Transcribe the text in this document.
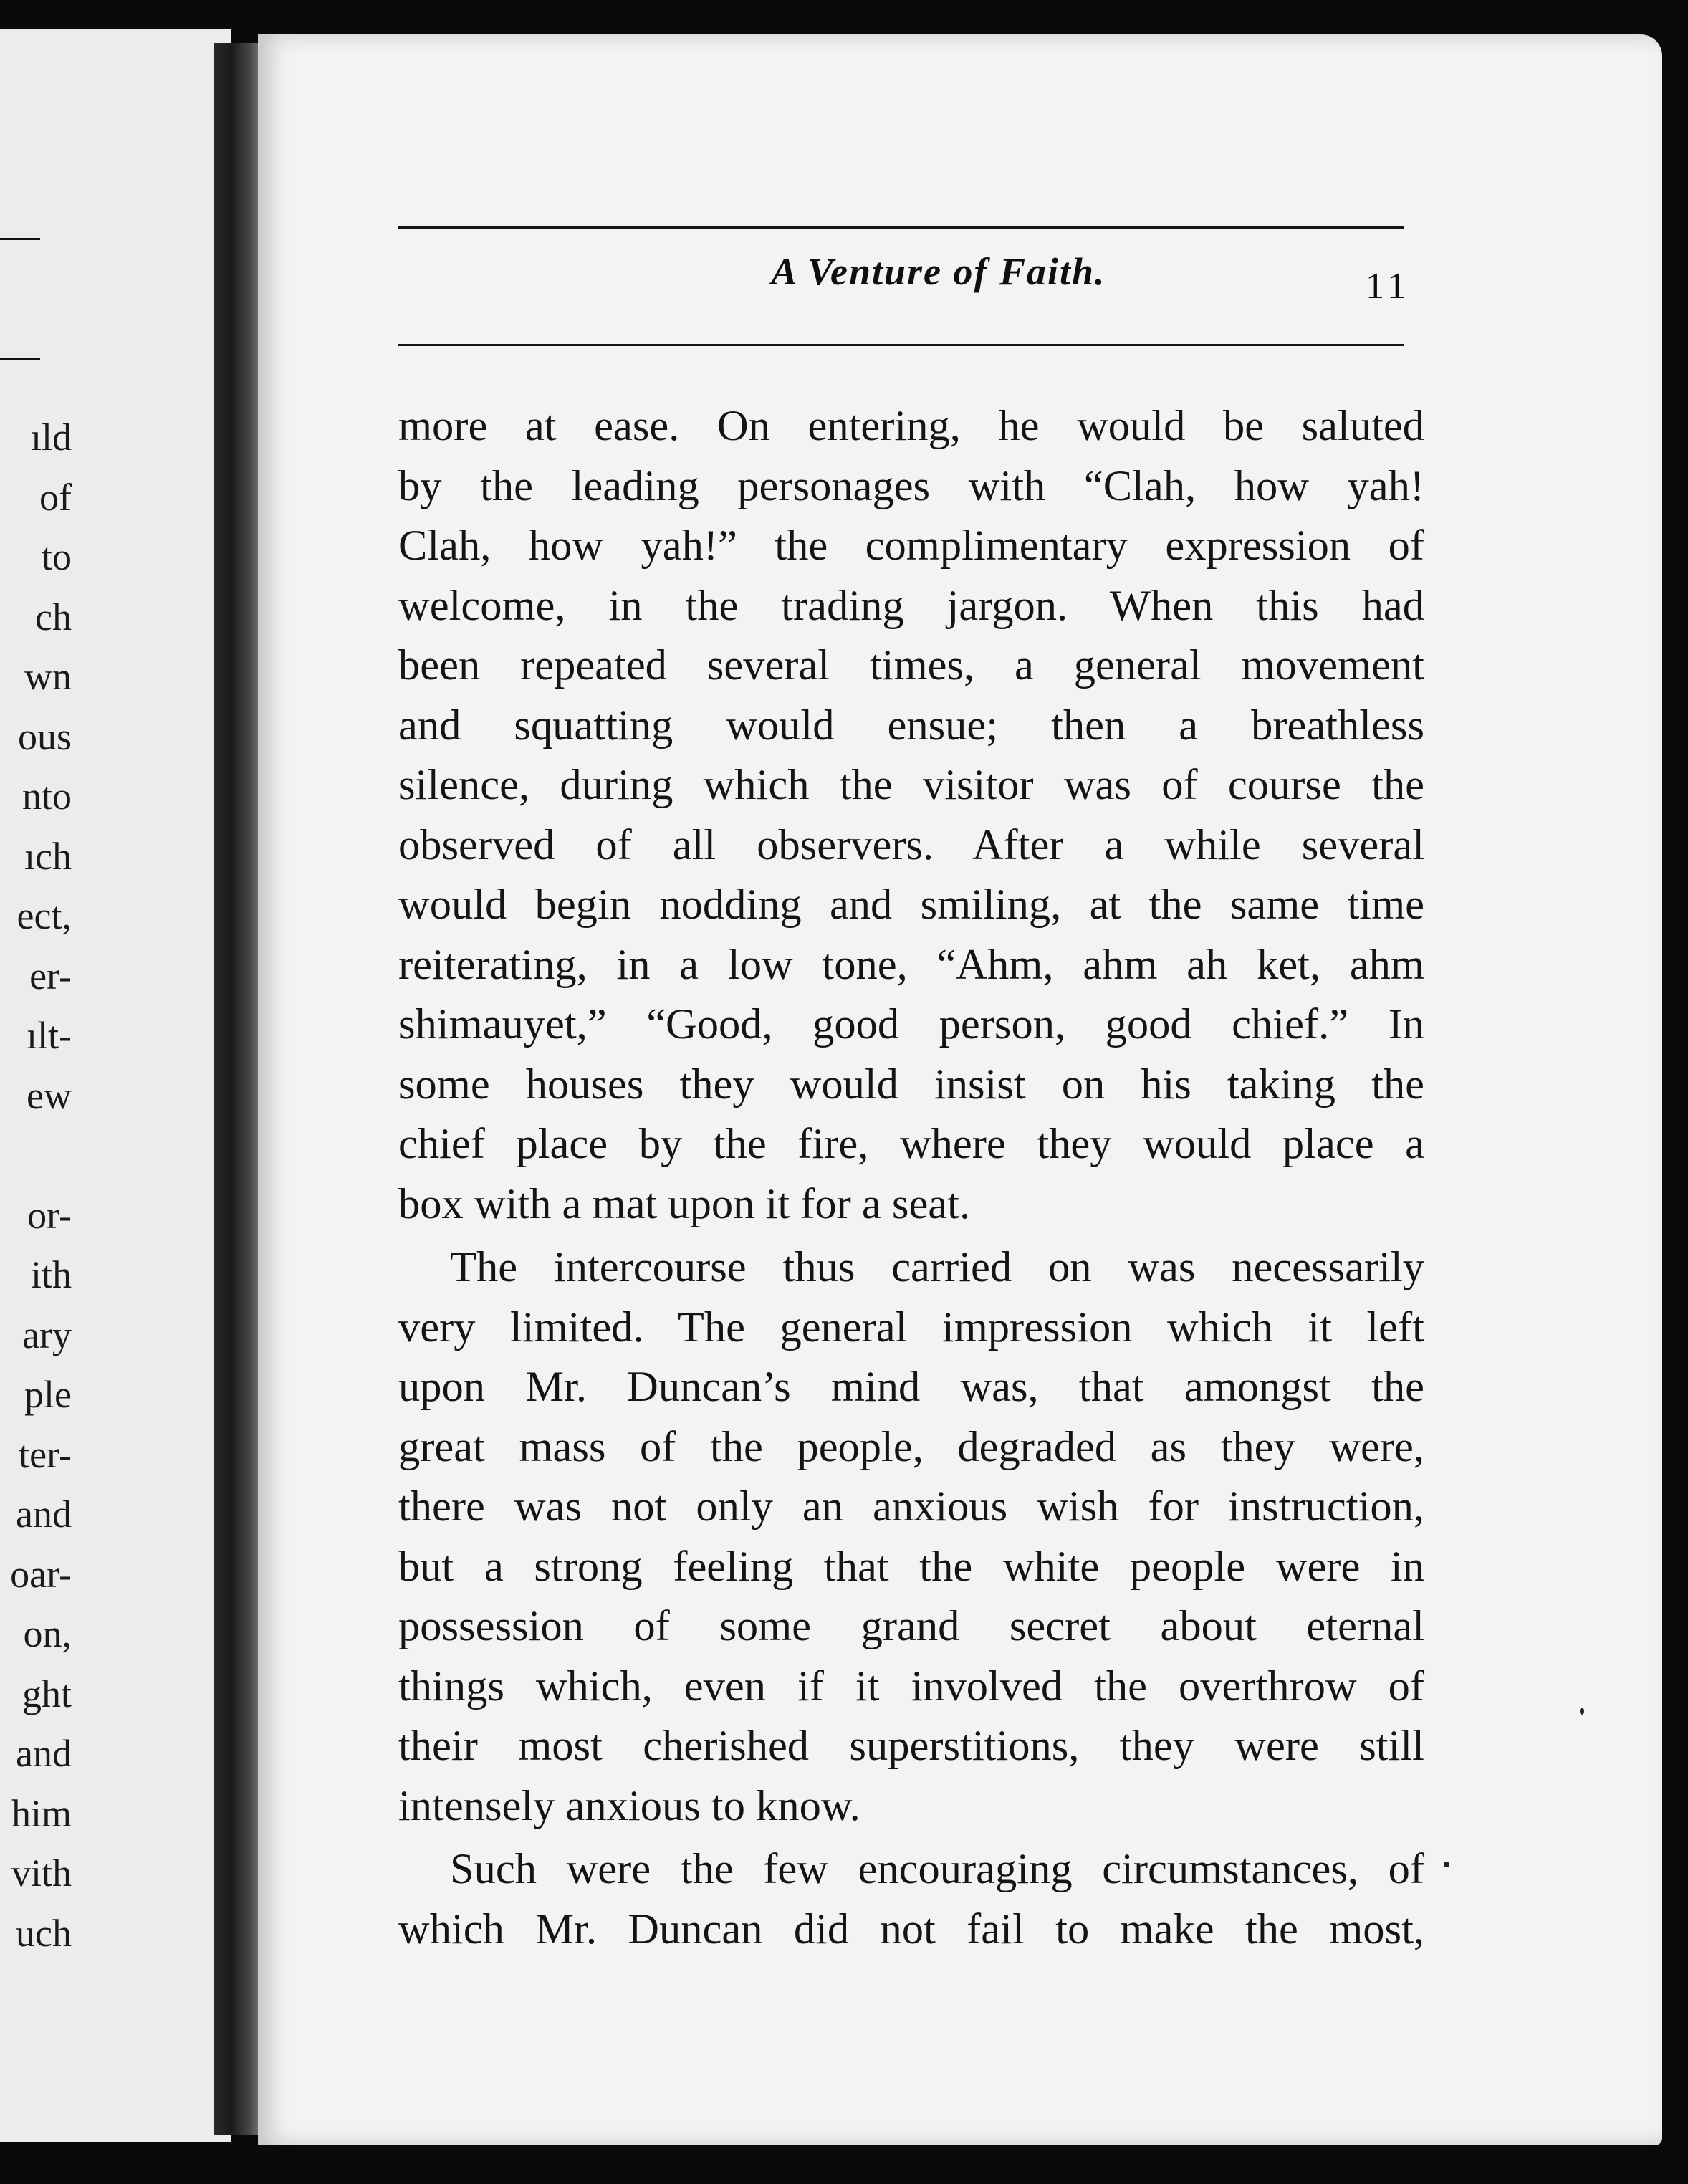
ıld
of
to
ch
wn
ous
nto
ıch
ect,
er-
ılt-
ew
or-
ith
ary
ple
ter-
and
oar-
on,
ght
and
him
vith
uch
A Venture of Faith.	11

more at ease. On entering, he would be saluted

by the leading personages with “Clah, how yah!

Clah, how yah!” the complimentary expression of

welcome, in the trading jargon. When this had

been repeated several times, a general movement

and squatting would ensue; then a breathless

silence, during which the visitor was of course the

observed of all observers. After a while several

would begin nodding and smiling, at the same time

reiterating, in a low tone, “Ahm, ahm ah ket, ahm

shimauyet,” “Good, good person, good chief.” In

some houses they would insist on his taking the

chief place by the fire, where they would place a

box with a mat upon it for a seat.

The intercourse thus carried on was necessarily

very limited. The general impression which it left

upon Mr. Duncan’s mind was, that amongst the

great mass of the people, degraded as they were,

there was not only an anxious wish for instruction,

but a strong feeling that the white people were in

possession of some grand secret about eternal

things which, even if it involved the overthrow of

their most cherished superstitions, they were still

intensely anxious to know.

Such were the few encouraging circumstances, of

which Mr. Duncan did not fail to make the most,
